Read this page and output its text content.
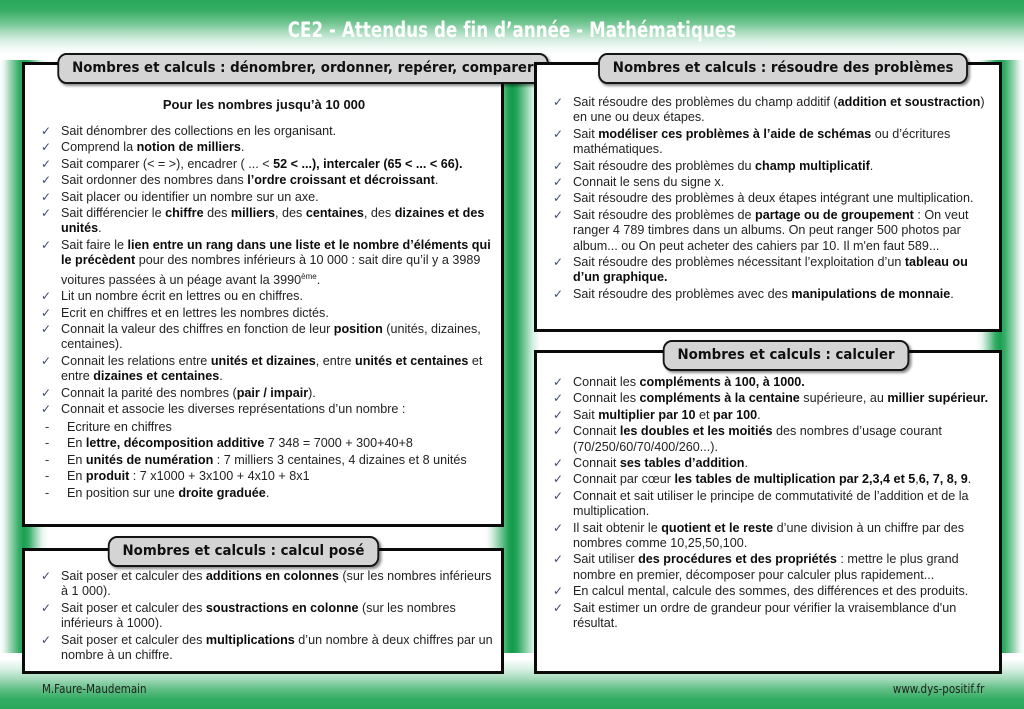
CE2 - Attendus de fin d’année - Mathématiques
Pour les nombres jusqu’à 10 000
✓ Sait dénombrer des collections en les organisant.
✓ Comprend la notion de milliers.
✓ Sait comparer (< = >), encadrer ( ... < 52 < ...), intercaler (65 < ... < 66).
✓ Sait ordonner des nombres dans l’ordre croissant et décroissant.
✓ Sait placer ou identifier un nombre sur un axe.
✓ Sait différencier le chiffre des milliers, des centaines, des dizaines et des unités.
✓ Sait faire le lien entre un rang dans une liste et le nombre d’éléments qui le précèdent pour des nombres inférieurs à 10 000 : sait dire qu’il y a 3989  voitures passées à un péage avant la 3990ème.
✓ Lit un nombre écrit en lettres ou en chiffres.
✓ Ecrit en chiffres et en lettres les nombres dictés.
✓ Connait la valeur des chiffres en fonction de leur position (unités, dizaines, centaines).
✓ Connait les relations entre unités et dizaines, entre unités et centaines et entre dizaines et centaines.
✓ Connait la parité des nombres (pair / impair).
✓ Connait et associe les diverses représentations d’un nombre :
- Ecriture en chiffres
- En lettre, décomposition additive 7 348 = 7000 + 300+40+8
- En unités de numération : 7 milliers 3 centaines, 4 dizaines et 8 unités
- En produit : 7 x1000 + 3x100 + 4x10 + 8x1
- En position sur une droite graduée.
Nombres et calculs : dénombrer, ordonner, repérer, comparer
✓ Sait poser et calculer des additions en colonnes (sur les nombres inférieurs à 1 000).
✓ Sait poser et calculer des soustractions en colonne (sur les nombres inférieurs à 1000).
✓ Sait poser et calculer des multiplications d’un nombre à deux chiffres par un nombre à un chiffre.
Nombres et calculs : calcul posé
✓ Sait résoudre des problèmes du champ additif (addition et soustraction) en une ou deux étapes.
✓ Sait modéliser ces problèmes à l’aide de schémas ou d’écritures mathématiques.
✓ Sait résoudre des problèmes du champ multiplicatif.
✓ Connait le sens du signe x.
✓ Sait résoudre des problèmes à deux étapes intégrant une multiplication.
✓ Sait résoudre des problèmes de partage ou de groupement : On veut ranger 4 789 timbres dans un albums. On peut ranger 500 photos par album... ou On peut acheter des cahiers par 10. Il m'en faut 589...
✓ Sait résoudre des problèmes nécessitant l’exploitation d’un tableau ou d’un graphique.
✓ Sait résoudre des problèmes avec des manipulations de monnaie.
Nombres et calculs : résoudre des problèmes
✓ Connait les compléments à 100, à 1000.
✓ Connait les compléments à la centaine supérieure, au millier supérieur.
✓ Sait multiplier par 10 et par 100.
✓ Connait les doubles et les moitiés des nombres d’usage courant (70/250/60/70/400/260...).
✓ Connait ses tables d’addition.
✓ Connait par cœur les tables de multiplication par 2,3,4 et 5,6, 7, 8, 9.
✓ Connait et sait utiliser le principe de commutativité de l’addition et de la multiplication.
✓ Il sait obtenir le quotient et le reste d’une division à un chiffre par des nombres comme 10,25,50,100.
✓ Sait utiliser des procédures et des propriétés : mettre le plus grand nombre en premier, décomposer pour calculer plus rapidement...
✓ En calcul mental, calcule des sommes, des différences et des produits.
✓ Sait estimer un ordre de grandeur pour vérifier la vraisemblance d'un résultat.
Nombres et calculs : calculer
M.Faure-Maudemain	www.dys-positif.fr
